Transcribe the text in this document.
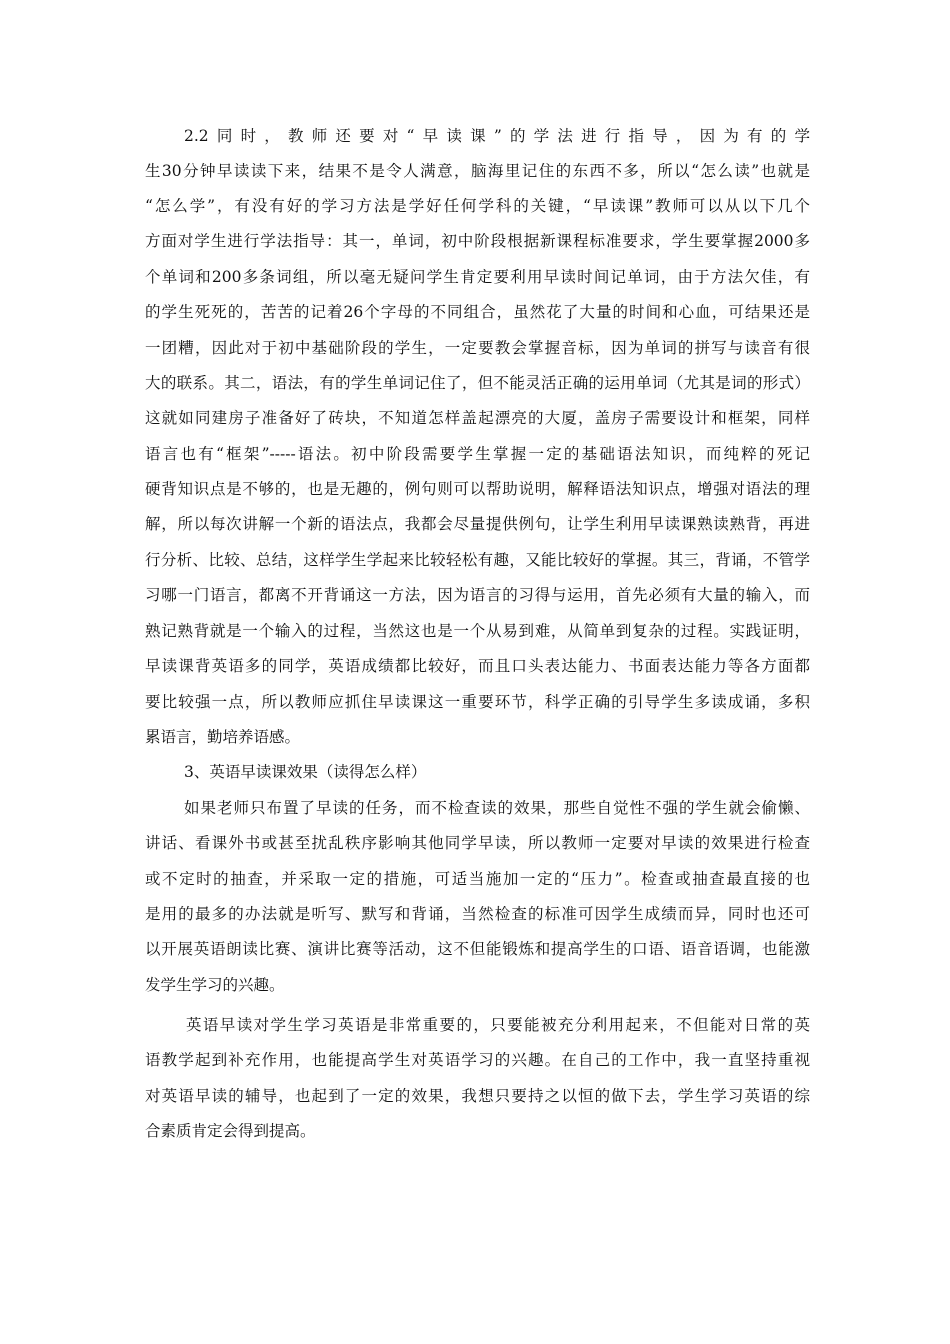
2.2同时，教师还要对“早读课”的学法进行指导，因为有的学
生30分钟早读读下来，结果不是令人满意，脑海里记住的东西不多，所以“怎么读”也就是
“怎么学”，有没有好的学习方法是学好任何学科的关键，“早读课”教师可以从以下几个
方面对学生进行学法指导：其一，单词，初中阶段根据新课程标准要求，学生要掌握2000多
个单词和200多条词组，所以毫无疑问学生肯定要利用早读时间记单词，由于方法欠佳，有
的学生死死的，苦苦的记着26个字母的不同组合，虽然花了大量的时间和心血，可结果还是
一团糟，因此对于初中基础阶段的学生，一定要教会掌握音标，因为单词的拼写与读音有很
大的联系。其二，语法，有的学生单词记住了，但不能灵活正确的运用单词（尤其是词的形式）
这就如同建房子准备好了砖块，不知道怎样盖起漂亮的大厦，盖房子需要设计和框架，同样
语言也有“框架”-----语法。初中阶段需要学生掌握一定的基础语法知识，而纯粹的死记
硬背知识点是不够的，也是无趣的，例句则可以帮助说明，解释语法知识点，增强对语法的理
解，所以每次讲解一个新的语法点，我都会尽量提供例句，让学生利用早读课熟读熟背，再进
行分析、比较、总结，这样学生学起来比较轻松有趣，又能比较好的掌握。其三，背诵，不管学
习哪一门语言，都离不开背诵这一方法，因为语言的习得与运用，首先必须有大量的输入，而
熟记熟背就是一个输入的过程，当然这也是一个从易到难，从简单到复杂的过程。实践证明，
早读课背英语多的同学，英语成绩都比较好，而且口头表达能力、书面表达能力等各方面都
要比较强一点，所以教师应抓住早读课这一重要环节，科学正确的引导学生多读成诵，多积
累语言，勤培养语感。
3、英语早读课效果（读得怎么样）
如果老师只布置了早读的任务，而不检查读的效果，那些自觉性不强的学生就会偷懒、
讲话、看课外书或甚至扰乱秩序影响其他同学早读，所以教师一定要对早读的效果进行检查
或不定时的抽查，并采取一定的措施，可适当施加一定的“压力”。检查或抽查最直接的也
是用的最多的办法就是听写、默写和背诵，当然检查的标准可因学生成绩而异，同时也还可
以开展英语朗读比赛、演讲比赛等活动，这不但能锻炼和提高学生的口语、语音语调，也能激
发学生学习的兴趣。
英语早读对学生学习英语是非常重要的，只要能被充分利用起来，不但能对日常的英
语教学起到补充作用，也能提高学生对英语学习的兴趣。在自己的工作中，我一直坚持重视
对英语早读的辅导，也起到了一定的效果，我想只要持之以恒的做下去，学生学习英语的综
合素质肯定会得到提高。
